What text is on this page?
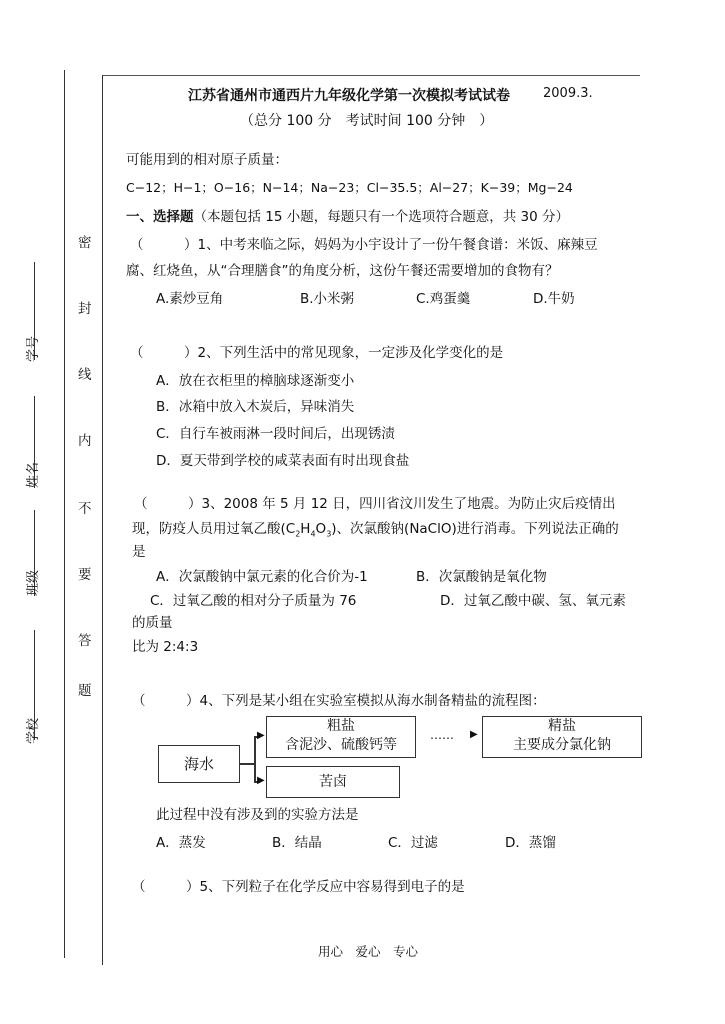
密
封
线
内
不
要
答
题
学号
姓名
班级
学校
江苏省通州市通西片九年级化学第一次模拟考试试卷	2009.3.
（总分 100 分　考试时间 100 分钟　）
可能用到的相对原子质量：
C−12；H−1；O−16；N−14；Na−23；Cl−35.5；Al−27；K−39；Mg−24
一、选择题（本题包括 15 小题，每题只有一个选项符合题意，共 30 分）
（　　　）1、中考来临之际，妈妈为小宇设计了一份午餐食谱：米饭、麻辣豆
腐、红烧鱼，从“合理膳食”的角度分析，这份午餐还需要增加的食物有？
A.素炒豆角	B.小米粥	C.鸡蛋羹	D.牛奶
（　　　）2、下列生活中的常见现象，一定涉及化学变化的是
A．放在衣柜里的樟脑球逐渐变小
B．冰箱中放入木炭后，异味消失
C．自行车被雨淋一段时间后，出现锈渍
D．夏天带到学校的咸菜表面有时出现食盐
（　　　）3、2008 年 5 月 12 日，四川省汶川发生了地震。为防止灾后疫情出
现，防疫人员用过氧乙酸$(C_2H_4O_3)$、次氯酸钠(NaClO)进行消毒。下列说法正确的
是
A．次氯酸钠中氯元素的化合价为-1	B．次氯酸钠是氧化物
C．过氧乙酸的相对分子质量为 76	D．过氧乙酸中碳、氢、氧元素
的质量
比为 2:4:3
（　　　）4、下列是某小组在实验室模拟从海水制备精盐的流程图：
海水
▶
▶
粗盐
含泥沙、硫酸钙等
…… ▶
精盐
主要成分氯化钠
苦卤
此过程中没有涉及到的实验方法是
A．蒸发	B．结晶	C．过滤	D．蒸馏
（　　　）5、下列粒子在化学反应中容易得到电子的是
用心　爱心　专心
